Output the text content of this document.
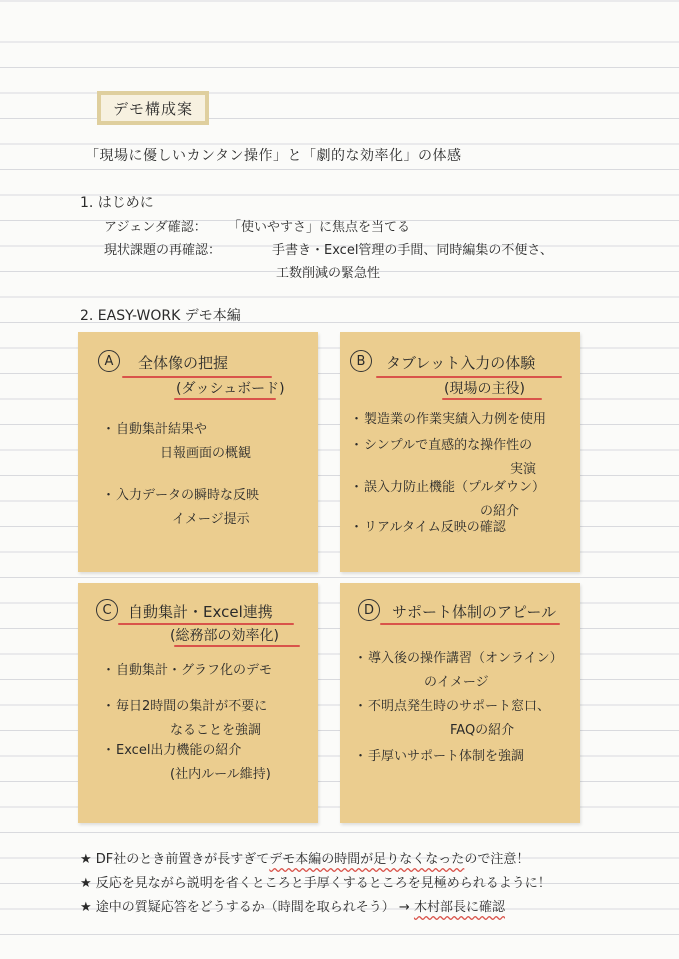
デモ構成案
「現場に優しいカンタン操作」と「劇的な効率化」の体感
1. はじめに
アジェンダ確認： 「使いやすさ」に焦点を当てる
現状課題の再確認：	手書き・Excel管理の手間、同時編集の不便さ、
工数削減の緊急性
2. EASY-WORK デモ本編
A	全体像の把握
(ダッシュボード)
・自動集計結果や
日報画面の概観
・入力データの瞬時な反映
イメージ提示
B	タブレット入力の体験
(現場の主役)
・製造業の作業実績入力例を使用
・シンプルで直感的な操作性の
実演
・誤入力防止機能（プルダウン）
の紹介
・リアルタイム反映の確認
C	自動集計・Excel連携
(総務部の効率化)
・自動集計・グラフ化のデモ
・毎日2時間の集計が不要に
なることを強調
・Excel出力機能の紹介
(社内ルール維持)
D	サポート体制のアピール
・導入後の操作講習（オンライン）
のイメージ
・不明点発生時のサポート窓口、
FAQの紹介
・手厚いサポート体制を強調
★ DF社のとき前置きが長すぎてデモ本編の時間が足りなくなったので注意！
★ 反応を見ながら説明を省くところと手厚くするところを見極められるように！
★ 途中の質疑応答をどうするか（時間を取られそう） → 木村部長に確認
